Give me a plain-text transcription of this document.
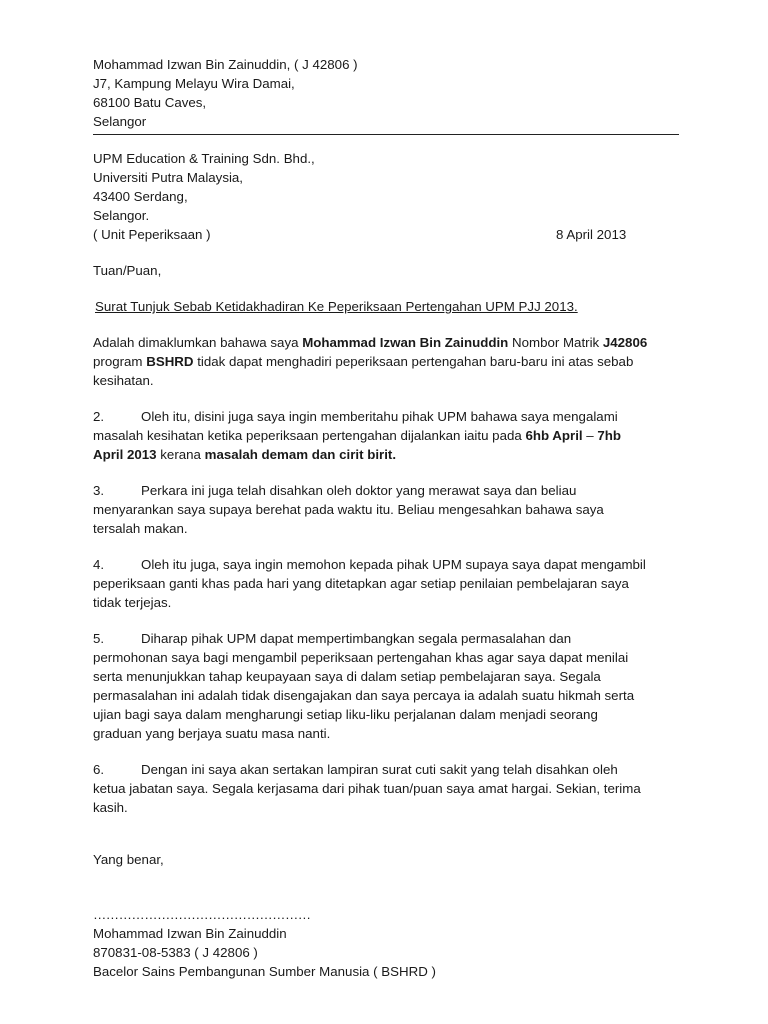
Mohammad Izwan Bin Zainuddin, ( J 42806 )
J7, Kampung Melayu Wira Damai,
68100 Batu Caves,
Selangor
UPM Education & Training Sdn. Bhd.,
Universiti Putra Malaysia,
43400 Serdang,
Selangor.
( Unit Peperiksaan )	8 April 2013
Tuan/Puan,
Surat Tunjuk Sebab Ketidakhadiran Ke Peperiksaan Pertengahan UPM PJJ 2013.
Adalah dimaklumkan bahawa saya Mohammad Izwan Bin Zainuddin Nombor Matrik J42806
program BSHRD tidak dapat menghadiri peperiksaan pertengahan baru-baru ini atas sebab
kesihatan.
2.	Oleh itu, disini juga saya ingin memberitahu pihak UPM bahawa saya mengalami
masalah kesihatan ketika peperiksaan pertengahan dijalankan iaitu pada 6hb April – 7hb
April 2013 kerana masalah demam dan cirit birit.
3.	Perkara ini juga telah disahkan oleh doktor yang merawat saya dan beliau
menyarankan saya supaya berehat pada waktu itu. Beliau mengesahkan bahawa saya
tersalah makan.
4.	Oleh itu juga, saya ingin memohon kepada pihak UPM supaya saya dapat mengambil
peperiksaan ganti khas pada hari yang ditetapkan agar setiap penilaian pembelajaran saya
tidak terjejas.
5.	Diharap pihak UPM dapat mempertimbangkan segala permasalahan dan
permohonan saya bagi mengambil peperiksaan pertengahan khas agar saya dapat menilai
serta menunjukkan tahap keupayaan saya di dalam setiap pembelajaran saya. Segala
permasalahan ini adalah tidak disengajakan dan saya percaya ia adalah suatu hikmah serta
ujian bagi saya dalam mengharungi setiap liku-liku perjalanan dalam menjadi seorang
graduan yang berjaya suatu masa nanti.
6.	Dengan ini saya akan sertakan lampiran surat cuti sakit yang telah disahkan oleh
ketua jabatan saya. Segala kerjasama dari pihak tuan/puan saya amat hargai. Sekian, terima
kasih.
Yang benar,
……………………………………………
Mohammad Izwan Bin Zainuddin
870831-08-5383 ( J 42806 )
Bacelor Sains Pembangunan Sumber Manusia ( BSHRD )
